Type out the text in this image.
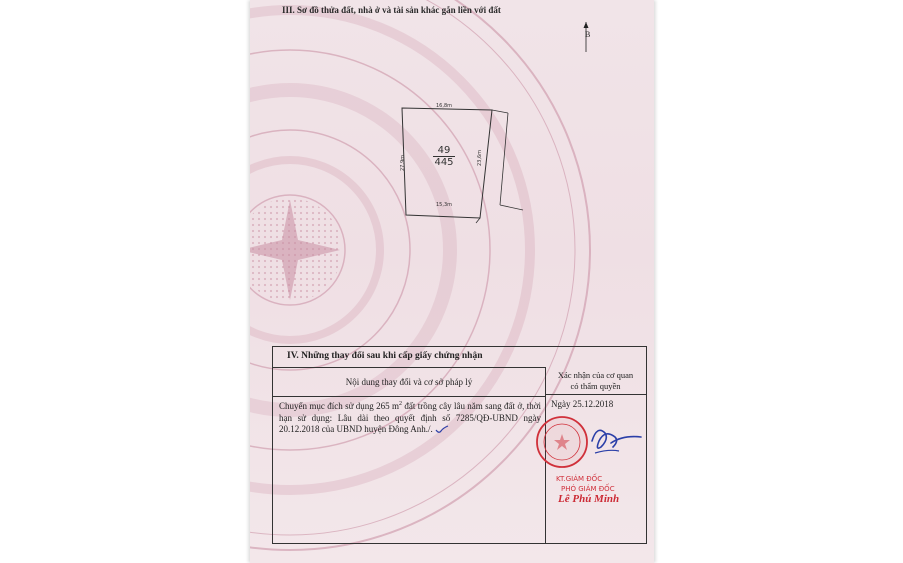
III. Sơ đồ thửa đất, nhà ở và tài sản khác gắn liền với đất
B
16,8m
27,9m	23,6m
15,3m
49
445
IV. Những thay đổi sau khi cấp giấy chứng nhận
Nội dung thay đổi và cơ sở pháp lý
Xác nhận của cơ quan
có thẩm quyền
Chuyển mục đích sử dụng 265 $m^2$ đất trồng cây lâu năm sang đất ở, thời hạn sử dụng: Lâu dài theo quyết định số 7285/QĐ-UBND ngày 20.12.2018 của UBND huyện Đông Anh./.
Ngày 25.12.2018
KT.GIÁM ĐỐC
PHÓ GIÁM ĐỐC
Lê Phú Minh
